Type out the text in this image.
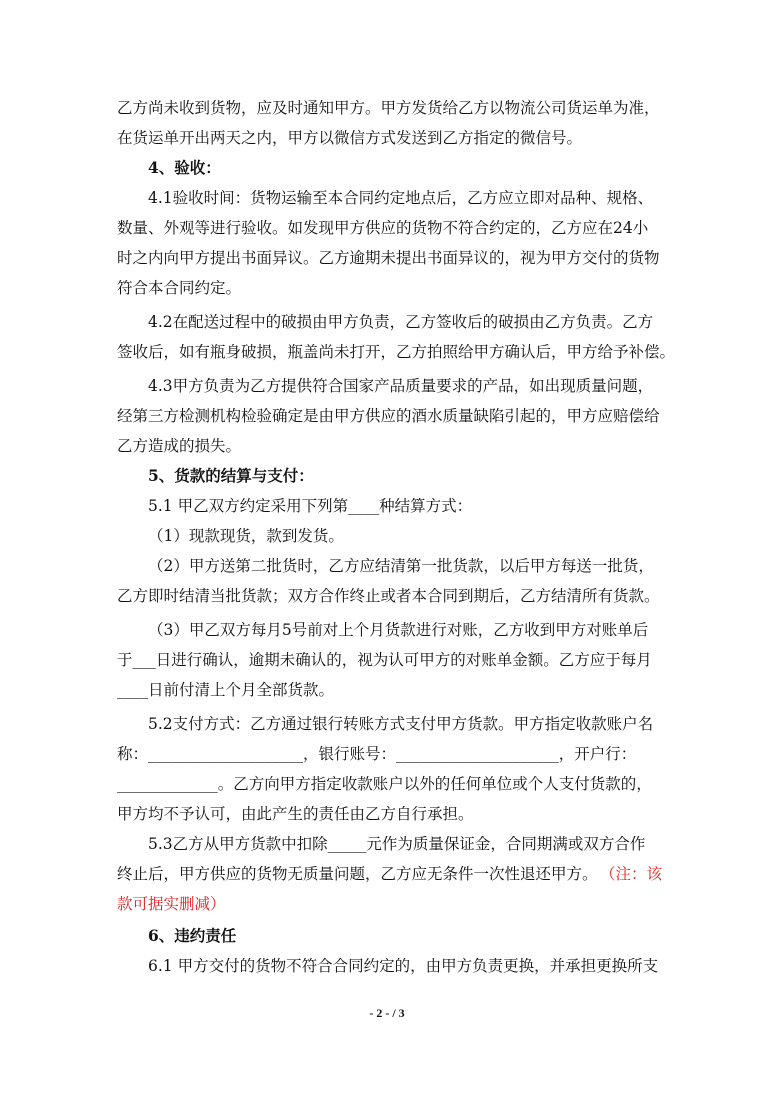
乙方尚未收到货物，应及时通知甲方。甲方发货给乙方以物流公司货运单为准，
在货运单开出两天之内，甲方以微信方式发送到乙方指定的微信号。
4、验收：
4.1验收时间：货物运输至本合同约定地点后，乙方应立即对品种、规格、
数量、外观等进行验收。如发现甲方供应的货物不符合约定的，乙方应在24小
时之内向甲方提出书面异议。乙方逾期未提出书面异议的，视为甲方交付的货物
符合本合同约定。
4.2在配送过程中的破损由甲方负责，乙方签收后的破损由乙方负责。乙方
签收后，如有瓶身破损，瓶盖尚未打开，乙方拍照给甲方确认后，甲方给予补偿。
4.3甲方负责为乙方提供符合国家产品质量要求的产品，如出现质量问题，
经第三方检测机构检验确定是由甲方供应的酒水质量缺陷引起的，甲方应赔偿给
乙方造成的损失。
5、货款的结算与支付：
5.1 甲乙双方约定采用下列第____种结算方式：
（1）现款现货，款到发货。
（2）甲方送第二批货时，乙方应结清第一批货款，以后甲方每送一批货，
乙方即时结清当批货款；双方合作终止或者本合同到期后，乙方结清所有货款。
（3）甲乙双方每月5号前对上个月货款进行对账，乙方收到甲方对账单后
于___日进行确认，逾期未确认的，视为认可甲方的对账单金额。乙方应于每月
____日前付清上个月全部货款。
5.2支付方式：乙方通过银行转账方式支付甲方货款。甲方指定收款账户名
称：____________________，银行账号：_____________________，开户行：
_____________。乙方向甲方指定收款账户以外的任何单位或个人支付货款的，
甲方均不予认可，由此产生的责任由乙方自行承担。
5.3乙方从甲方货款中扣除_____元作为质量保证金，合同期满或双方合作
终止后，甲方供应的货物无质量问题，乙方应无条件一次性退还甲方。 （注：该
款可据实删减）
6、违约责任
6.1 甲方交付的货物不符合合同约定的，由甲方负责更换，并承担更换所支
- 2 - / 3
